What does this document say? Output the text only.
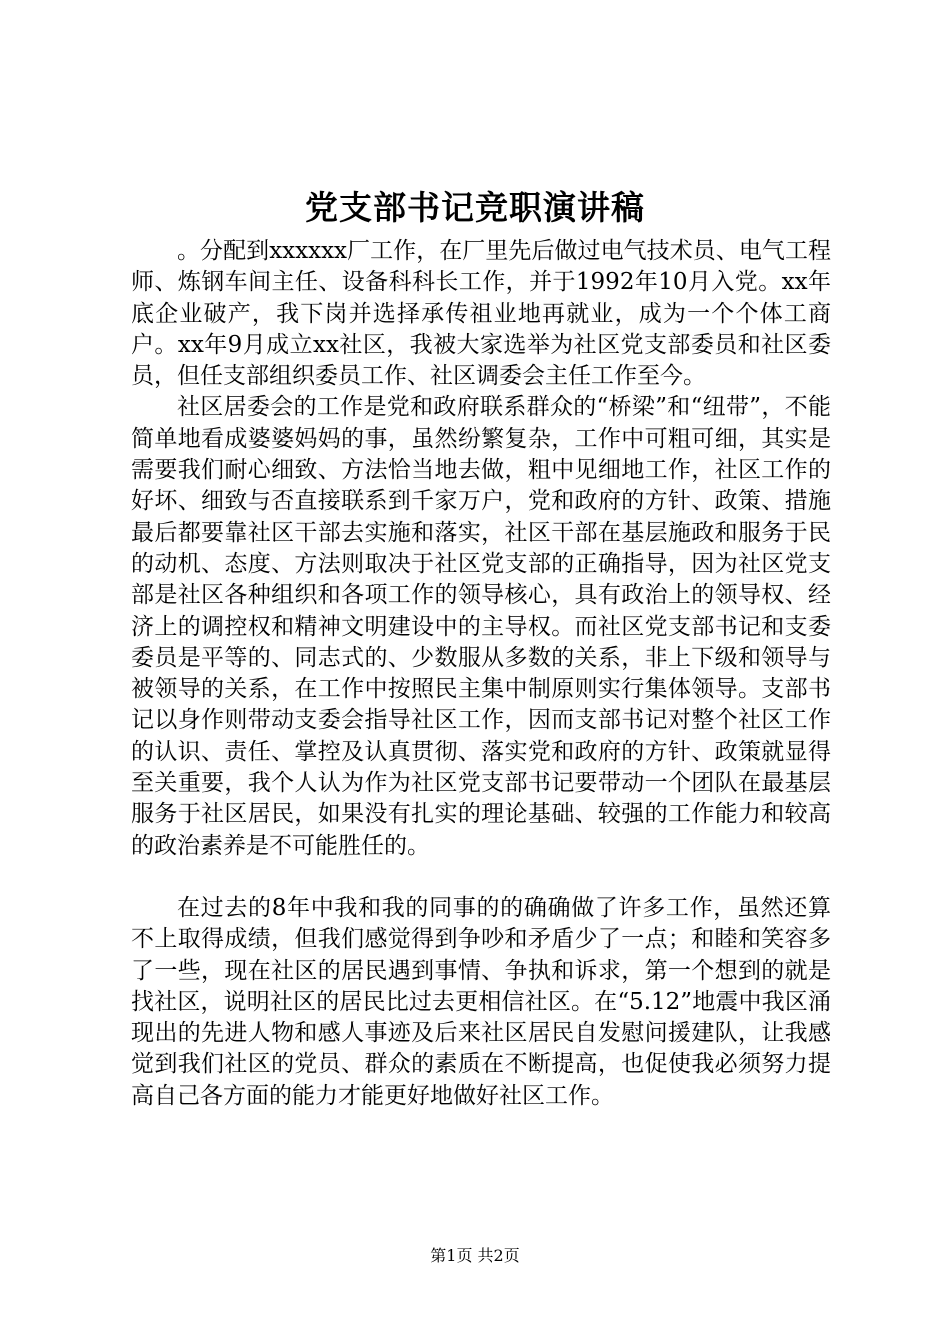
党支部书记竞职演讲稿

。分配到xxxxxx厂工作，在厂里先后做过电气技术员、电气工程师、炼钢车间主任、设备科科长工作，并于1992年10月入党。xx年底企业破产，我下岗并选择承传祖业地再就业，成为一个个体工商户。xx年9月成立xx社区，我被大家选举为社区党支部委员和社区委员，但任支部组织委员工作、社区调委会主任工作至今。

社区居委会的工作是党和政府联系群众的“桥梁”和“纽带”，不能简单地看成婆婆妈妈的事，虽然纷繁复杂，工作中可粗可细，其实是需要我们耐心细致、方法恰当地去做，粗中见细地工作，社区工作的好坏、细致与否直接联系到千家万户，党和政府的方针、政策、措施最后都要靠社区干部去实施和落实，社区干部在基层施政和服务于民的动机、态度、方法则取决于社区党支部的正确指导，因为社区党支部是社区各种组织和各项工作的领导核心，具有政治上的领导权、经济上的调控权和精神文明建设中的主导权。而社区党支部书记和支委委员是平等的、同志式的、少数服从多数的关系，非上下级和领导与被领导的关系，在工作中按照民主集中制原则实行集体领导。支部书记以身作则带动支委会指导社区工作，因而支部书记对整个社区工作的认识、责任、掌控及认真贯彻、落实党和政府的方针、政策就显得至关重要，我个人认为作为社区党支部书记要带动一个团队在最基层服务于社区居民，如果没有扎实的理论基础、较强的工作能力和较高的政治素养是不可能胜任的。

在过去的8年中我和我的同事的的确确做了许多工作，虽然还算不上取得成绩，但我们感觉得到争吵和矛盾少了一点；和睦和笑容多了一些，现在社区的居民遇到事情、争执和诉求，第一个想到的就是找社区，说明社区的居民比过去更相信社区。在“5.12”地震中我区涌现出的先进人物和感人事迹及后来社区居民自发慰问援建队，让我感觉到我们社区的党员、群众的素质在不断提高，也促使我必须努力提高自己各方面的能力才能更好地做好社区工作。

第1页 共2页
